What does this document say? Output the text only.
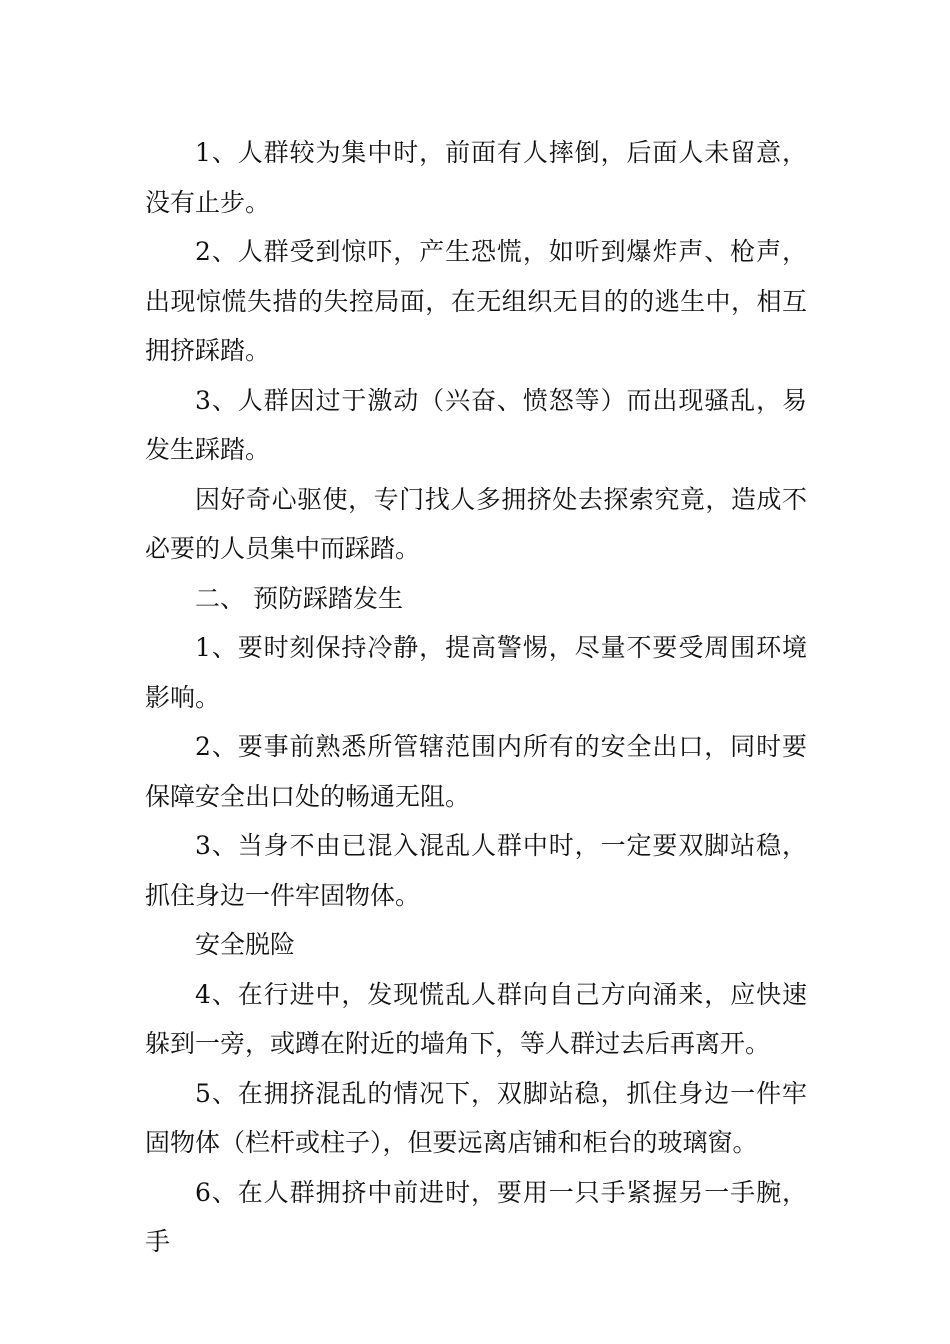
1、人群较为集中时，前面有人摔倒，后面人未留意，没有止步。

2、人群受到惊吓，产生恐慌，如听到爆炸声、枪声，出现惊慌失措的失控局面，在无组织无目的的逃生中，相互拥挤踩踏。

3、人群因过于激动（兴奋、愤怒等）而出现骚乱，易发生踩踏。

因好奇心驱使，专门找人多拥挤处去探索究竟，造成不必要的人员集中而踩踏。

二、 预防踩踏发生

1、要时刻保持冷静，提高警惕，尽量不要受周围环境影响。

2、要事前熟悉所管辖范围内所有的安全出口，同时要保障安全出口处的畅通无阻。

3、当身不由已混入混乱人群中时，一定要双脚站稳，抓住身边一件牢固物体。

安全脱险

4、在行进中，发现慌乱人群向自己方向涌来，应快速躲到一旁，或蹲在附近的墙角下，等人群过去后再离开。

5、在拥挤混乱的情况下，双脚站稳，抓住身边一件牢固物体（栏杆或柱子），但要远离店铺和柜台的玻璃窗。

6、在人群拥挤中前进时，要用一只手紧握另一手腕，手
